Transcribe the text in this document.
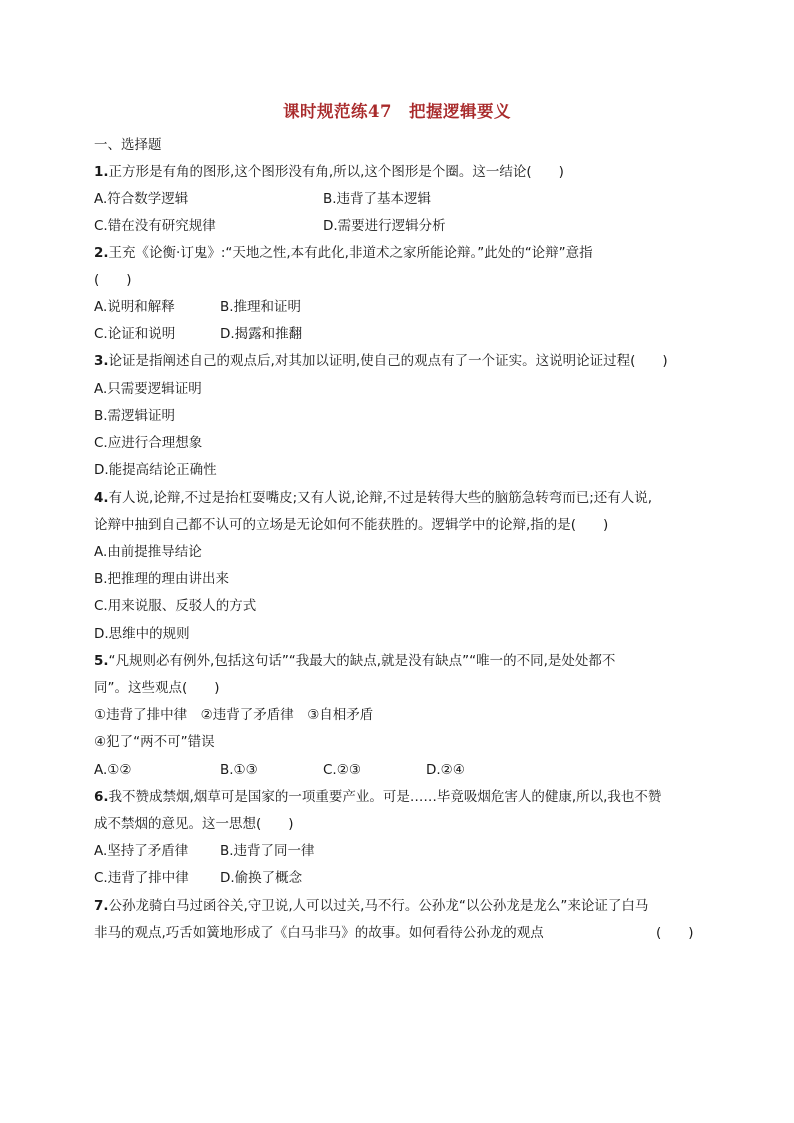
课时规范练47　把握逻辑要义
一、选择题
1.正方形是有角的图形,这个图形没有角,所以,这个图形是个圈。这一结论(　　)
A.符合数学逻辑	B.违背了基本逻辑
C.错在没有研究规律	D.需要进行逻辑分析
2.王充《论衡·订鬼》:“天地之性,本有此化,非道术之家所能论辩。”此处的“论辩”意指
(　　)
A.说明和解释	B.推理和证明
C.论证和说明	D.揭露和推翻
3.论证是指阐述自己的观点后,对其加以证明,使自己的观点有了一个证实。这说明论证过程(　　)
A.只需要逻辑证明
B.需逻辑证明
C.应进行合理想象
D.能提高结论正确性
4.有人说,论辩,不过是抬杠耍嘴皮;又有人说,论辩,不过是转得大些的脑筋急转弯而已;还有人说,
论辩中抽到自己都不认可的立场是无论如何不能获胜的。逻辑学中的论辩,指的是(　　)
A.由前提推导结论
B.把推理的理由讲出来
C.用来说服、反驳人的方式
D.思维中的规则
5.“凡规则必有例外,包括这句话”“我最大的缺点,就是没有缺点”“唯一的不同,是处处都不
同”。这些观点(　　)
①违背了排中律　②违背了矛盾律　③自相矛盾
④犯了“两不可”错误
A.①②	B.①③	C.②③	D.②④
6.我不赞成禁烟,烟草可是国家的一项重要产业。可是……毕竟吸烟危害人的健康,所以,我也不赞
成不禁烟的意见。这一思想(　　)
A.坚持了矛盾律 B.违背了同一律
C.违背了排中律 D.偷换了概念
7.公孙龙骑白马过函谷关,守卫说,人可以过关,马不行。公孙龙“以公孙龙是龙么”来论证了白马
非马的观点,巧舌如簧地形成了《白马非马》的故事。如何看待公孙龙的观点	(　　)
